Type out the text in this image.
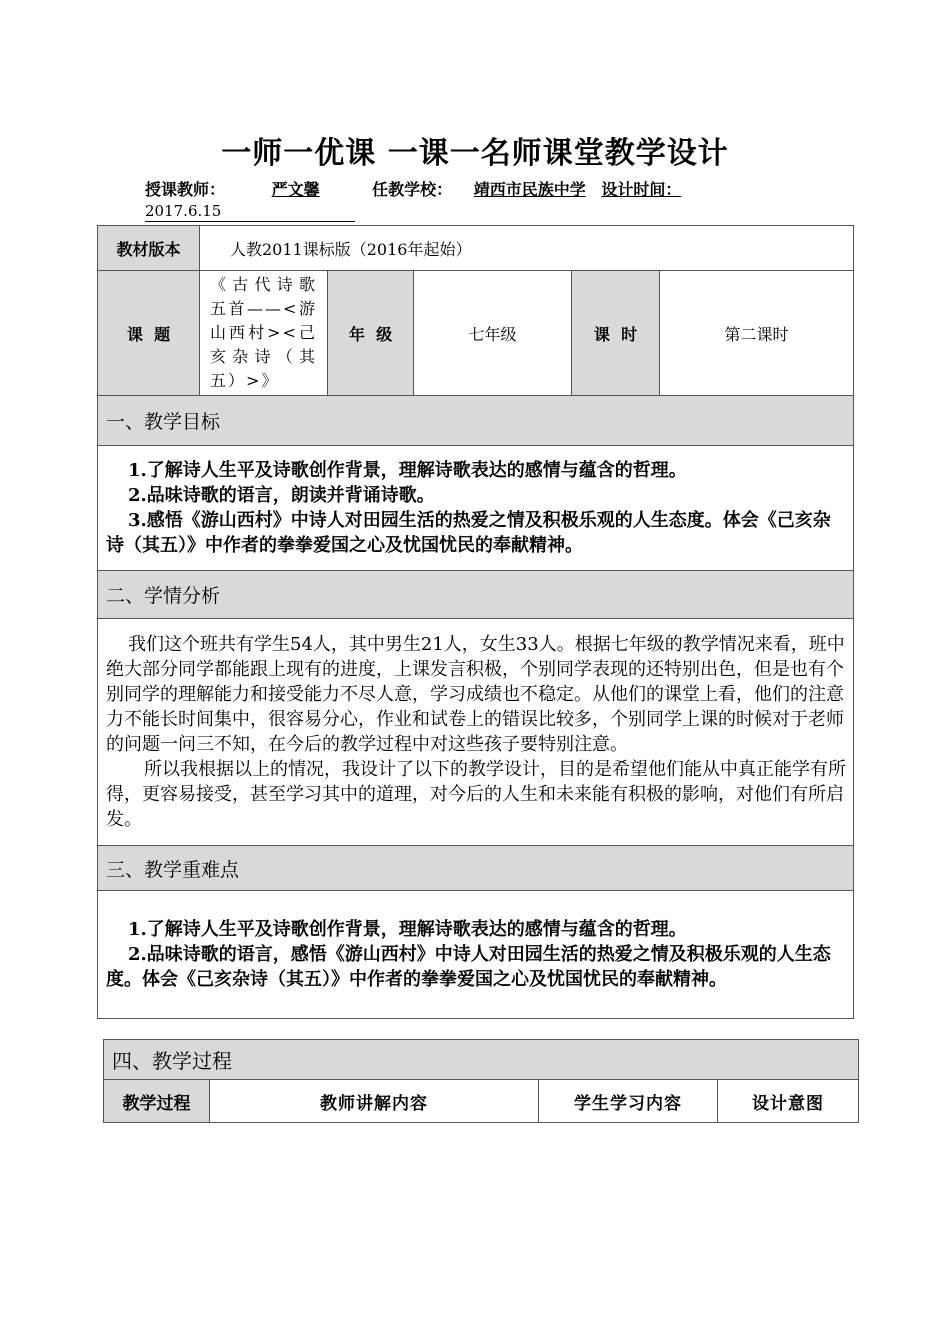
一师一优课 一课一名师课堂教学设计
授课教师：	严文馨	任教学校： 靖西市民族中学 设计时间：
2017.6.15
教材版本	人教2011课标版（2016年起始）				
课  题	《古代诗歌五首——<游山西村><己亥杂诗（其五）>》	年  级	七年级	课  时	第二课时
一、教学目标

1.了解诗人生平及诗歌创作背景，理解诗歌表达的感情与蕴含的哲理。
2.品味诗歌的语言，朗读并背诵诗歌。
3.感悟《游山西村》中诗人对田园生活的热爱之情及积极乐观的人生态度。体会《己亥杂诗（其五）》中作者的拳拳爱国之心及忧国忧民的奉献精神。

二、学情分析

我们这个班共有学生54人，其中男生21人，女生33人。根据七年级的教学情况来看，班中绝大部分同学都能跟上现有的进度，上课发言积极，个别同学表现的还特别出色，但是也有个别同学的理解能力和接受能力不尽人意，学习成绩也不稳定。从他们的课堂上看，他们的注意力不能长时间集中，很容易分心，作业和试卷上的错误比较多，个别同学上课的时候对于老师的问题一问三不知，在今后的教学过程中对这些孩子要特别注意。
所以我根据以上的情况，我设计了以下的教学设计，目的是希望他们能从中真正能学有所得，更容易接受，甚至学习其中的道理，对今后的人生和未来能有积极的影响，对他们有所启发。

三、教学重难点

1.了解诗人生平及诗歌创作背景，理解诗歌表达的感情与蕴含的哲理。
2.品味诗歌的语言，感悟《游山西村》中诗人对田园生活的热爱之情及积极乐观的人生态度。体会《己亥杂诗（其五）》中作者的拳拳爱国之心及忧国忧民的奉献精神。
四、教学过程
教学过程	教师讲解内容	学生学习内容	设计意图
